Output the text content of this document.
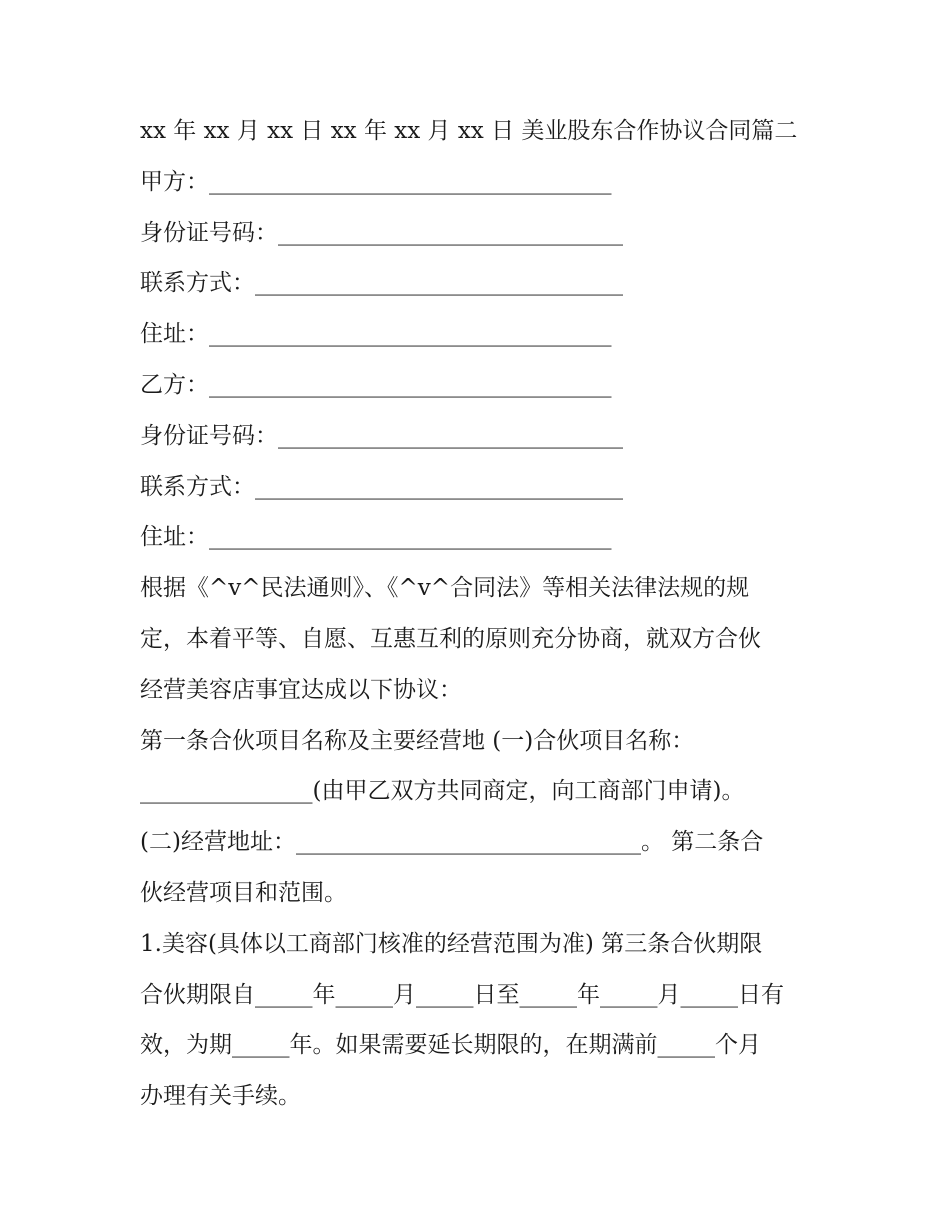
xx 年 xx 月 xx 日 xx 年 xx 月 xx 日 美业股东合作协议合同篇二
甲方：___________________________________
身份证号码：______________________________
联系方式：________________________________
住址：___________________________________
乙方：___________________________________
身份证号码：______________________________
联系方式：________________________________
住址：___________________________________
根据《^v^民法通则》、《^v^合同法》等相关法律法规的规
定，本着平等、自愿、互惠互利的原则充分协商，就双方合伙
经营美容店事宜达成以下协议：
第一条合伙项目名称及主要经营地 (一)合伙项目名称：
_______________(由甲乙双方共同商定，向工商部门申请)。
(二)经营地址：______________________________。 第二条合
伙经营项目和范围。
1.美容(具体以工商部门核准的经营范围为准) 第三条合伙期限
合伙期限自_____年_____月_____日至_____年_____月_____日有
效，为期_____年。如果需要延长期限的，在期满前_____个月
办理有关手续。
